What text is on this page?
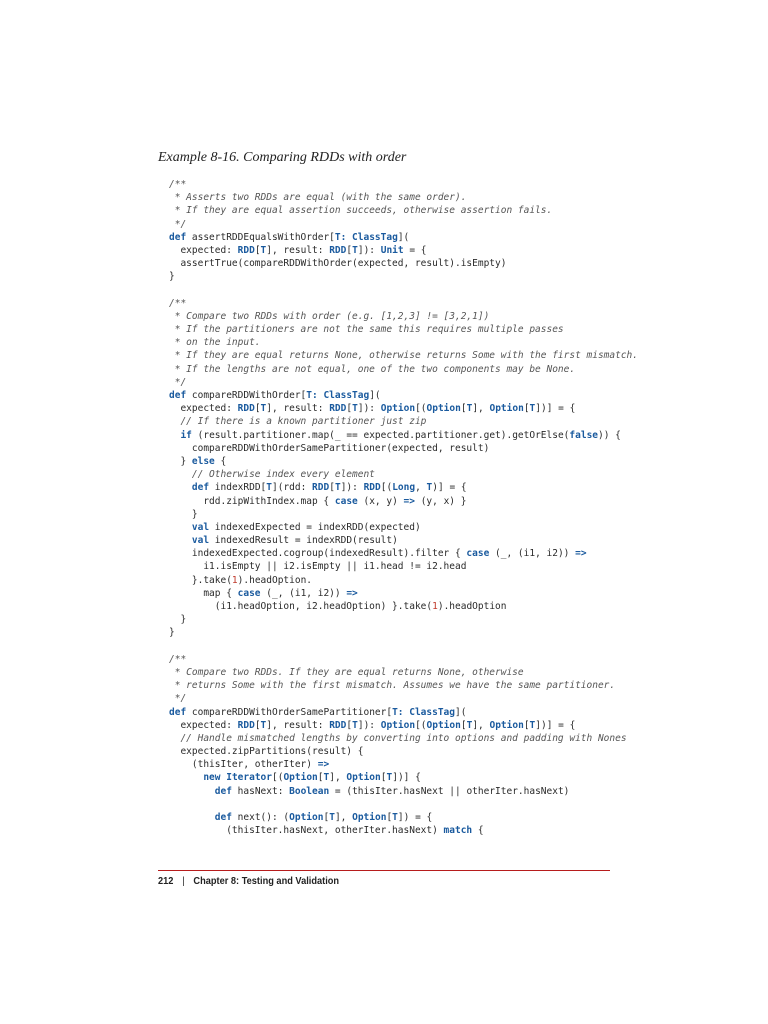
Example 8-16. Comparing RDDs with order

/**
* Asserts two RDDs are equal (with the same order).
* If they are equal assertion succeeds, otherwise assertion fails.
*/
def assertRDDEqualsWithOrder[T: ClassTag](
expected: RDD[T], result: RDD[T]): Unit = {
assertTrue(compareRDDWithOrder(expected, result).isEmpty)
}
/**
* Compare two RDDs with order (e.g. [1,2,3] != [3,2,1])
* If the partitioners are not the same this requires multiple passes
* on the input.
* If they are equal returns None, otherwise returns Some with the first mismatch.
* If the lengths are not equal, one of the two components may be None.
*/
def compareRDDWithOrder[T: ClassTag](
expected: RDD[T], result: RDD[T]): Option[(Option[T], Option[T])] = {
// If there is a known partitioner just zip
if (result.partitioner.map(_ == expected.partitioner.get).getOrElse(false)) {
compareRDDWithOrderSamePartitioner(expected, result)
} else {
// Otherwise index every element
def indexRDD[T](rdd: RDD[T]): RDD[(Long, T)] = {
rdd.zipWithIndex.map { case (x, y) => (y, x) }
}
val indexedExpected = indexRDD(expected)
val indexedResult = indexRDD(result)
indexedExpected.cogroup(indexedResult).filter { case (_, (i1, i2)) =>
i1.isEmpty || i2.isEmpty || i1.head != i2.head
}.take(1).headOption.
map { case (_, (i1, i2)) =>
(i1.headOption, i2.headOption) }.take(1).headOption
}
}
/**
* Compare two RDDs. If they are equal returns None, otherwise
* returns Some with the first mismatch. Assumes we have the same partitioner.
*/
def compareRDDWithOrderSamePartitioner[T: ClassTag](
expected: RDD[T], result: RDD[T]): Option[(Option[T], Option[T])] = {
// Handle mismatched lengths by converting into options and padding with Nones
expected.zipPartitions(result) {
(thisIter, otherIter) =>
new Iterator[(Option[T], Option[T])] {
def hasNext: Boolean = (thisIter.hasNext || otherIter.hasNext)
def next(): (Option[T], Option[T]) = {
(thisIter.hasNext, otherIter.hasNext) match {
212 | Chapter 8: Testing and Validation
